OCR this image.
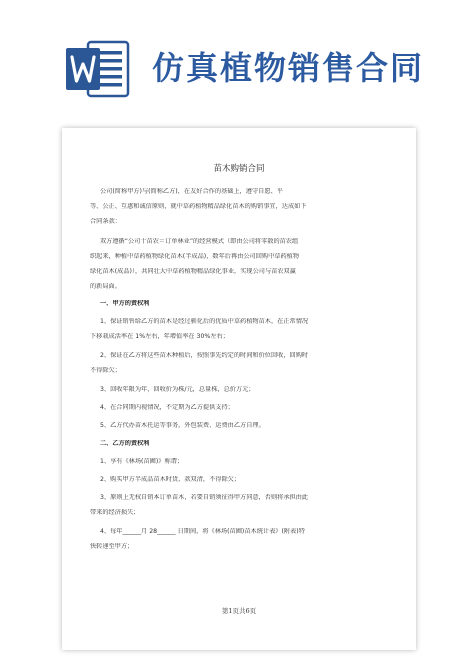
仿真植物销售合同
苗木购销合同
公司(简称甲方)与(简称乙方)，在友好合作的基础上，遵守自愿、平
等、公正、互惠和诚信原则，就中草药植物精品绿化苗木的购销事宜，达成如下
合同条款：
双方遵循“公司十苗农＝订单林业”的经营模式（即由公司将零散的苗农组
织起来，种植中草药植物绿化苗木(半成品)，数年后再由公司回购中草药植物
绿化苗木(成品)），共同壮大中草药植物精品绿化事业，实现公司与苗农双赢
的新局面。
一、甲方的责权利
1、保证销售给乙方的苗木是经过驯化后的优质中草药植物苗木，在正常情况
下移栽成活率在 1%左右，年增值率在 30%左右；
2、保证在乙方将这些苗木种植后，按照事先约定的时间和价位回收，回购时
不得除欠；
3、回收年限为年，回收价为株/元，总量株，总价万元；
4、在合同期内视情况，不定期为乙方提供支持；
5、乙方代办苗木托运等事务，外包装费、运费由乙方自理。
二、乙方的责权利
1、享有《林场(苗圃)》称谓；
2、购买甲方半成品苗木时货、款双清，不得除欠；
3、原则上无权自销本订单苗木，若要自销须征得甲方同意，否则将承担由此
带来的经济损失；
4、每年______月 28______ 日期间，将《林场(苗圃)苗木统计表》(附表)特
快转递至甲方；
第1页共6页
